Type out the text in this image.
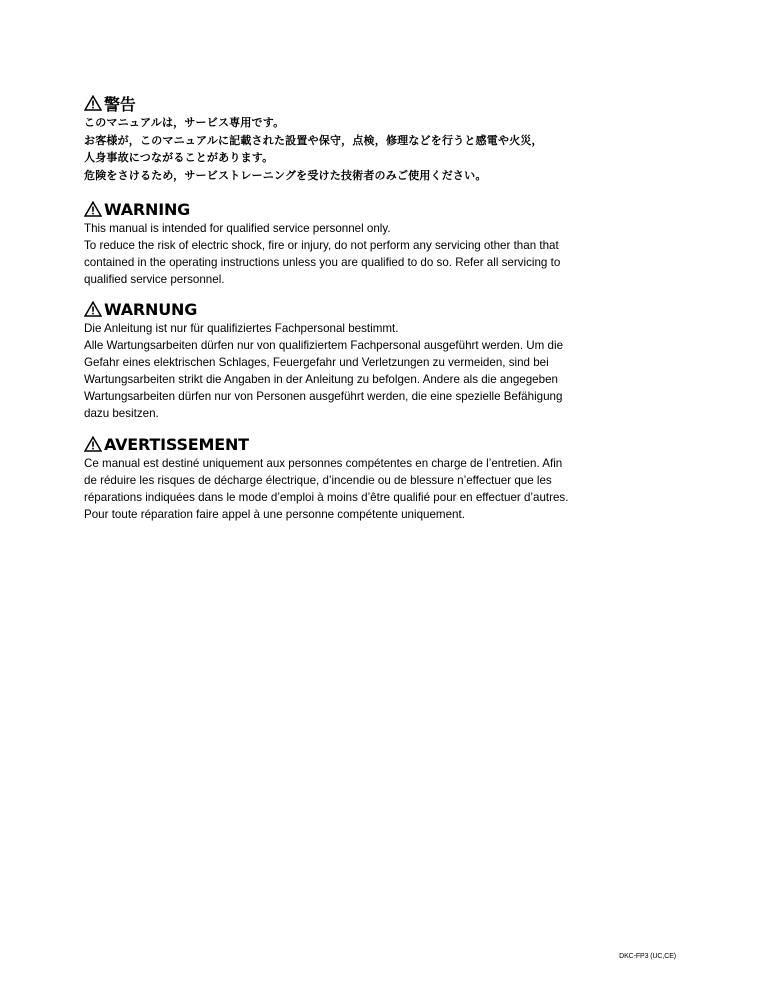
警告
このマニュアルは，サービス専用です。
お客様が，このマニュアルに記載された設置や保守，点検，修理などを行うと感電や火災，
人身事故につながることがあります。
危険をさけるため，サービストレーニングを受けた技術者のみご使用ください。
WARNING
This manual is intended for qualified service personnel only.
To reduce the risk of electric shock, fire or injury, do not perform any servicing other than that
contained in the operating instructions unless you are qualified to do so. Refer all servicing to
qualified service personnel.
WARNUNG
Die Anleitung ist nur für qualifiziertes Fachpersonal bestimmt.
Alle Wartungsarbeiten dürfen nur von qualifiziertem Fachpersonal ausgeführt werden. Um die
Gefahr eines elektrischen Schlages, Feuergefahr und Verletzungen zu vermeiden, sind bei
Wartungsarbeiten strikt die Angaben in der Anleitung zu befolgen. Andere als die angegeben
Wartungsarbeiten dürfen nur von Personen ausgeführt werden, die eine spezielle Befähigung
dazu besitzen.
AVERTISSEMENT
Ce manual est destiné uniquement aux personnes compétentes en charge de l’entretien. Afin
de réduire les risques de décharge électrique, d’incendie ou de blessure n’effectuer que les
réparations indiquées dans le mode d’emploi à moins d’être qualifié pour en effectuer d’autres.
Pour toute réparation faire appel à une personne compétente uniquement.
DKC-FP3 (UC,CE)
